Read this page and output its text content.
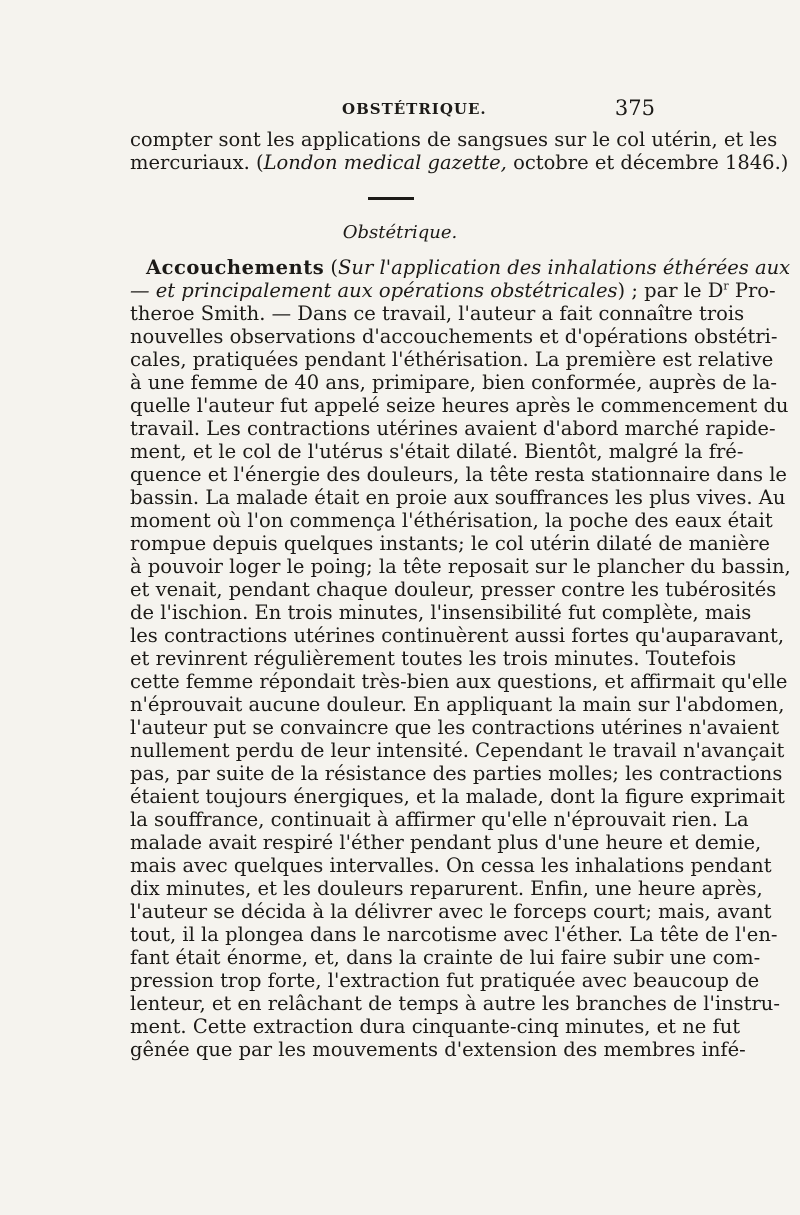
OBSTÉTRIQUE.	375
compter sont les applications de sangsues sur le col utérin, et les
mercuriaux. (London medical gazette, octobre et décembre 1846.)
Obstétrique.
Accouchements (Sur l'application des inhalations éthérées aux
— et principalement aux opérations obstétricales) ; par le $D^r$ Pro-
theroe Smith. — Dans ce travail, l'auteur a fait connaître trois
nouvelles observations d'accouchements et d'opérations obstétri-
cales, pratiquées pendant l'éthérisation. La première est relative
à une femme de 40 ans, primipare, bien conformée, auprès de la-
quelle l'auteur fut appelé seize heures après le commencement du
travail. Les contractions utérines avaient d'abord marché rapide-
ment, et le col de l'utérus s'était dilaté. Bientôt, malgré la fré-
quence et l'énergie des douleurs, la tête resta stationnaire dans le
bassin. La malade était en proie aux souffrances les plus vives. Au
moment où l'on commença l'éthérisation, la poche des eaux était
rompue depuis quelques instants; le col utérin dilaté de manière
à pouvoir loger le poing; la tête reposait sur le plancher du bassin,
et venait, pendant chaque douleur, presser contre les tubérosités
de l'ischion. En trois minutes, l'insensibilité fut complète, mais
les contractions utérines continuèrent aussi fortes qu'auparavant,
et revinrent régulièrement toutes les trois minutes. Toutefois
cette femme répondait très-bien aux questions, et affirmait qu'elle
n'éprouvait aucune douleur. En appliquant la main sur l'abdomen,
l'auteur put se convaincre que les contractions utérines n'avaient
nullement perdu de leur intensité. Cependant le travail n'avançait
pas, par suite de la résistance des parties molles; les contractions
étaient toujours énergiques, et la malade, dont la figure exprimait
la souffrance, continuait à affirmer qu'elle n'éprouvait rien. La
malade avait respiré l'éther pendant plus d'une heure et demie,
mais avec quelques intervalles. On cessa les inhalations pendant
dix minutes, et les douleurs reparurent. Enfin, une heure après,
l'auteur se décida à la délivrer avec le forceps court; mais, avant
tout, il la plongea dans le narcotisme avec l'éther. La tête de l'en-
fant était énorme, et, dans la crainte de lui faire subir une com-
pression trop forte, l'extraction fut pratiquée avec beaucoup de
lenteur, et en relâchant de temps à autre les branches de l'instru-
ment. Cette extraction dura cinquante-cinq minutes, et ne fut
gênée que par les mouvements d'extension des membres infé-
